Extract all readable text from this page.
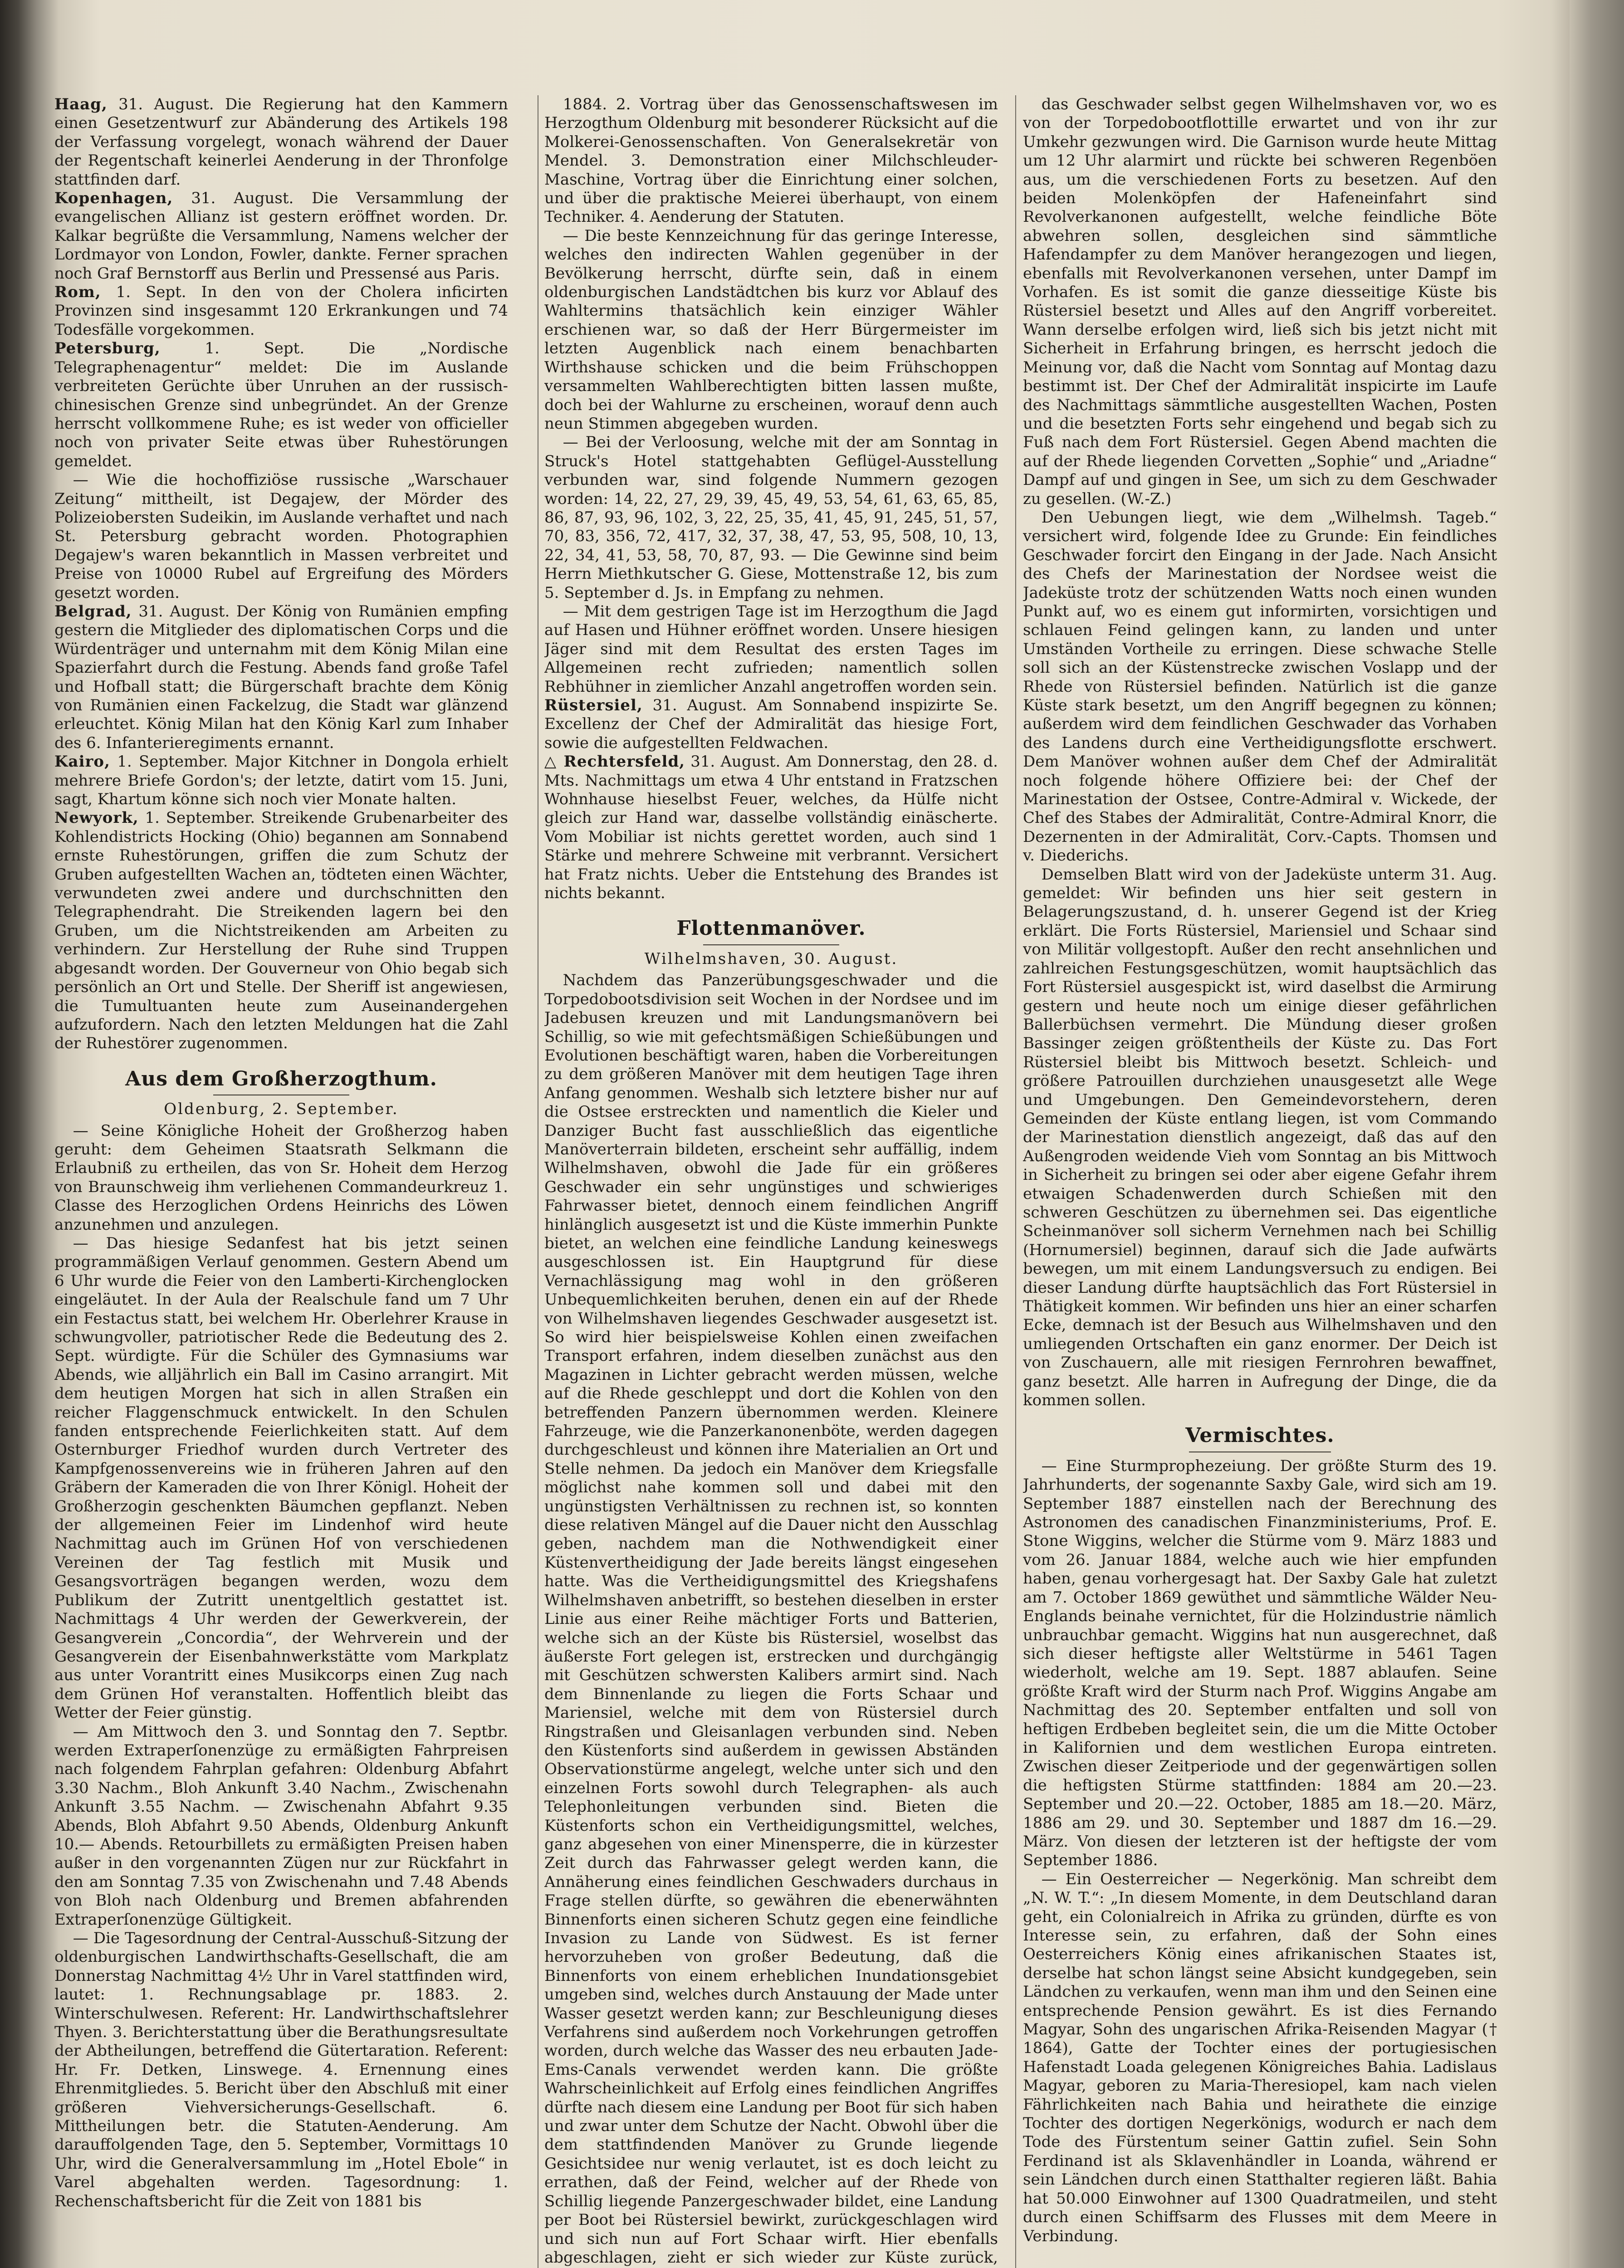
Haag, 31. August. Die Regierung hat den Kammern einen Gesetzentwurf zur Abänderung des Artikels 198 der Verfassung vorgelegt, wonach während der Dauer der Regentschaft keinerlei Aenderung in der Thronfolge stattfinden darf.

Kopenhagen, 31. August. Die Versammlung der evangelischen Allianz ist gestern eröffnet worden. Dr. Kalkar begrüßte die Versammlung, Namens welcher der Lordmayor von London, Fowler, dankte. Ferner sprachen noch Graf Bernstorff aus Berlin und Pressensé aus Paris.

Rom, 1. Sept. In den von der Cholera inficirten Provinzen sind insgesammt 120 Erkrankungen und 74 Todesfälle vorgekommen.

Petersburg,	1. Sept. Die „Nordische Telegraphenagentur“ meldet: Die im Auslande verbreiteten Gerüchte über Unruhen an der russisch-chinesischen Grenze sind unbegründet. An der Grenze herrscht vollkommene Ruhe; es ist weder von officieller noch von privater Seite etwas über Ruhestörungen gemeldet.

— Wie die hochoffiziöse russische „Warschauer Zeitung“ mittheilt, ist Degajew, der Mörder des Polizeiobersten Sudeikin, im Auslande verhaftet und nach St. Petersburg gebracht worden. Photographien Degajew's waren bekanntlich in Massen verbreitet und Preise von 10000 Rubel auf Ergreifung des Mörders gesetzt worden.

Belgrad, 31. August. Der König von Rumänien empfing gestern die Mitglieder des diplomatischen Corps und die Würdenträger und unternahm mit dem König Milan eine Spazierfahrt durch die Festung. Abends fand große Tafel und Hofball statt; die Bürgerschaft brachte dem König von Rumänien einen Fackelzug, die Stadt war glänzend erleuchtet. König Milan hat den König Karl zum Inhaber des 6. Infanterieregiments ernannt.

Kairo, 1. September. Major Kitchner in Dongola erhielt mehrere Briefe Gordon's; der letzte, datirt vom 15. Juni, sagt, Khartum könne sich noch vier Monate halten.

Newyork, 1. September. Streikende Grubenarbeiter des Kohlendistricts Hocking (Ohio) begannen am Sonnabend ernste Ruhestörungen, griffen die zum Schutz der Gruben aufgestellten Wachen an, tödteten einen Wächter, verwundeten zwei andere und durchschnitten den Telegraphendraht. Die Streikenden lagern bei den Gruben, um die Nichtstreikenden am Arbeiten zu verhindern. Zur Herstellung der Ruhe sind Truppen abgesandt worden. Der Gouverneur von Ohio begab sich persönlich an Ort und Stelle. Der Sheriff ist angewiesen, die Tumultuanten heute zum Auseinandergehen aufzufordern. Nach den letzten Meldungen hat die Zahl der Ruhestörer zugenommen.

Aus dem Großherzogthum.
Oldenburg, 2. September.

— Seine Königliche Hoheit der Großherzog haben geruht: dem Geheimen Staatsrath Selkmann die Erlaubniß zu ertheilen, das von Sr. Hoheit dem Herzog von Braunschweig ihm verliehenen Commandeurkreuz 1. Classe des Herzoglichen Ordens Heinrichs des Löwen anzunehmen und anzulegen.

— Das hiesige Sedanfest hat bis jetzt seinen programmäßigen Verlauf genommen. Gestern Abend um 6 Uhr wurde die Feier von den Lamberti-Kirchenglocken eingeläutet. In der Aula der Realschule fand um 7 Uhr ein Festactus statt, bei welchem Hr. Oberlehrer Krause in schwungvoller, patriotischer Rede die Bedeutung des 2. Sept. würdigte. Für die Schüler des Gymnasiums war Abends, wie alljährlich ein Ball im Casino arrangirt. Mit dem heutigen Morgen hat sich in allen Straßen ein reicher Flaggenschmuck entwickelt. In den Schulen fanden entsprechende Feierlichkeiten statt. Auf dem Osternburger Friedhof wurden durch Vertreter des Kampfgenossenvereins wie in früheren Jahren auf den Gräbern der Kameraden die von Ihrer Königl. Hoheit der Großherzogin geschenkten Bäumchen gepflanzt. Neben der allgemeinen Feier im Lindenhof wird heute Nachmittag auch im Grünen Hof von verschiedenen Vereinen der Tag festlich mit Musik und Gesangsvorträgen begangen werden, wozu dem Publikum der Zutritt unentgeltlich gestattet ist. Nachmittags 4 Uhr werden der Gewerkverein, der Gesangverein „Concordia“, der Wehrverein und der Gesangverein der Eisenbahnwerkstätte vom Markplatz aus unter Vorantritt eines Musikcorps einen Zug nach dem Grünen Hof veranstalten. Hoffentlich bleibt das Wetter der Feier günstig.

— Am Mittwoch den 3. und Sonntag den 7. Septbr. werden Extraperſonenzüge zu ermäßigten Fahrpreisen nach folgendem Fahrplan gefahren: Oldenburg Abfahrt 3.30 Nachm., Bloh Ankunft 3.40 Nachm., Zwischenahn Ankunft 3.55 Nachm. — Zwischenahn Abfahrt 9.35 Abends, Bloh Abfahrt 9.50 Abends, Oldenburg Ankunft 10.— Abends. Retourbillets zu ermäßigten Preisen haben außer in den vorgenannten Zügen nur zur Rückfahrt in den am Sonntag 7.35 von Zwischenahn und 7.48 Abends von Bloh nach Oldenburg und Bremen abfahrenden Extraperſonenzüge Gültigkeit.

— Die Tagesordnung der Central-Ausschuß-Sitzung der oldenburgischen Landwirthschafts-Gesellschaft, die am Donnerstag Nachmittag 4½ Uhr in Varel stattfinden wird, lautet: 1. Rechnungsablage pr. 1883. 2. Winterschulwesen. Referent: Hr. Landwirthschaftslehrer Thyen. 3. Berichterstattung über die Berathungsresultate der Abtheilungen, betreffend die Gütertaration. Referent: Hr. Fr. Detken, Linswege. 4. Ernennung eines Ehrenmitgliedes. 5. Bericht über den Abschluß mit einer größeren Viehversicherungs-Gesellschaft. 6. Mittheilungen betr. die Statuten-Aenderung. Am darauffolgenden Tage, den 5. September, Vormittags 10 Uhr, wird die Generalversammlung im „Hotel Ebole“ in Varel abgehalten werden. Tagesordnung: 1. Rechenschaftsbericht für die Zeit von 1881 bis

1884. 2. Vortrag über das Genossenschaftswesen im Herzogthum Oldenburg mit besonderer Rücksicht auf die Molkerei-Genossenschaften. Von Generalsekretär von Mendel. 3. Demonstration einer Milchschleuder-Maschine, Vortrag über die Einrichtung einer solchen, und über die praktische Meierei überhaupt, von einem Techniker. 4. Aenderung der Statuten.

— Die beste Kennzeichnung für das geringe Interesse, welches den indirecten Wahlen gegenüber in der Bevölkerung herrscht, dürfte sein, daß in einem oldenburgischen Landstädtchen bis kurz vor Ablauf des Wahltermins thatsächlich kein einziger Wähler erschienen war, so daß der Herr Bürgermeister im letzten Augenblick nach einem benachbarten Wirthshause schicken und die beim Frühschoppen versammelten Wahlberechtigten bitten lassen mußte, doch bei der Wahlurne zu erscheinen, worauf denn auch neun Stimmen abgegeben wurden.

— Bei der Verloosung, welche mit der am Sonntag in Struck's Hotel stattgehabten Geflügel-Ausstellung verbunden war, sind folgende Nummern gezogen worden: 14, 22, 27, 29, 39, 45, 49, 53, 54, 61, 63, 65, 85, 86, 87, 93, 96, 102, 3, 22, 25, 35, 41, 45, 91, 245, 51, 57, 70, 83, 356, 72, 417, 32, 37, 38, 47, 53, 95, 508, 10, 13, 22, 34, 41, 53, 58, 70, 87, 93. — Die Gewinne sind beim Herrn Miethkutscher G. Giese, Mottenstraße 12, bis zum 5. September d. Js. in Empfang zu nehmen.

— Mit dem gestrigen Tage ist im Herzogthum die Jagd auf Hasen und Hühner eröffnet worden. Unsere hiesigen Jäger sind mit dem Resultat des ersten Tages im Allgemeinen recht zufrieden; namentlich sollen Rebhühner in ziemlicher Anzahl angetroffen worden sein.

Rüstersiel, 31. August. Am Sonnabend inspizirte Se. Excellenz der Chef der Admiralität das hiesige Fort, sowie die aufgestellten Feldwachen.

△ Rechtersfeld, 31. August. Am Donnerstag, den 28. d. Mts. Nachmittags um etwa 4 Uhr entstand in Fratzschen Wohnhause hieselbst Feuer, welches, da Hülfe nicht gleich zur Hand war, dasselbe vollständig einäscherte. Vom Mobiliar ist nichts gerettet worden, auch sind 1 Stärke und mehrere Schweine mit verbrannt. Versichert hat Fratz nichts. Ueber die Entstehung des Brandes ist nichts bekannt.

Flottenmanöver.
Wilhelmshaven, 30. August.

Nachdem das Panzerübungsgeschwader und die Torpedobootsdivision seit Wochen in der Nordsee und im Jadebusen kreuzen und mit Landungsmanövern bei Schillig, so wie mit gefechtsmäßigen Schießübungen und Evolutionen beschäftigt waren, haben die Vorbereitungen zu dem größeren Manöver mit dem heutigen Tage ihren Anfang genommen. Weshalb sich letztere bisher nur auf die Ostsee erstreckten und namentlich die Kieler und Danziger Bucht fast ausschließlich das eigentliche Manöverterrain bildeten, erscheint sehr auffällig, indem Wilhelmshaven, obwohl die Jade für ein größeres Geschwader ein sehr ungünstiges und schwieriges Fahrwasser bietet, dennoch einem feindlichen Angriff hinlänglich ausgesetzt ist und die Küste immerhin Punkte bietet, an welchen eine feindliche Landung keineswegs ausgeschlossen ist. Ein Hauptgrund für diese Vernachlässigung mag wohl in den größeren Unbequemlichkeiten beruhen, denen ein auf der Rhede von Wilhelmshaven liegendes Geschwader ausgesetzt ist. So wird hier beispielsweise Kohlen einen zweifachen Transport erfahren, indem dieselben zunächst aus den Magazinen in Lichter gebracht werden müssen, welche auf die Rhede geschleppt und dort die Kohlen von den betreffenden Panzern übernommen werden. Kleinere Fahrzeuge, wie die Panzerkanonenböte, werden dagegen durchgeschleust und können ihre Materialien an Ort und Stelle nehmen. Da jedoch ein Manöver dem Kriegsfalle möglichst nahe kommen soll und dabei mit den ungünstigsten Verhältnissen zu rechnen ist, so konnten diese relativen Mängel auf die Dauer nicht den Ausschlag geben, nachdem man die Nothwendigkeit einer Küstenvertheidigung der Jade bereits längst eingesehen hatte. Was die Vertheidigungsmittel des Kriegshafens Wilhelmshaven anbetrifft, so bestehen dieselben in erster Linie aus einer Reihe mächtiger Forts und Batterien, welche sich an der Küste bis Rüstersiel, woselbst das äußerste Fort gelegen ist, erstrecken und durchgängig mit Geschützen schwersten Kalibers armirt sind. Nach dem Binnenlande zu liegen die Forts Schaar und Mariensiel, welche mit dem von Rüstersiel durch Ringstraßen und Gleisanlagen verbunden sind. Neben den Küstenforts sind außerdem in gewissen Abständen Observationstürme angelegt, welche unter sich und den einzelnen Forts sowohl durch Telegraphen- als auch Telephonleitungen verbunden sind. Bieten die Küstenforts schon ein Vertheidigungsmittel, welches, ganz abgesehen von einer Minensperre, die in kürzester Zeit durch das Fahrwasser gelegt werden kann, die Annäherung eines feindlichen Geschwaders durchaus in Frage stellen dürfte, so gewähren die ebenerwähnten Binnenforts einen sicheren Schutz gegen eine feindliche Invasion zu Lande von Südwest. Es ist ferner hervorzuheben von großer Bedeutung, daß die Binnenforts von einem erheblichen Inundationsgebiet umgeben sind, welches durch Anstauung der Made unter Wasser gesetzt werden kann; zur Beschleunigung dieses Verfahrens sind außerdem noch Vorkehrungen getroffen worden, durch welche das Wasser des neu erbauten Jade-Ems-Canals verwendet werden kann. Die größte Wahrscheinlichkeit auf Erfolg eines feindlichen Angriffes dürfte nach diesem eine Landung per Boot für sich haben und zwar unter dem Schutze der Nacht. Obwohl über die dem stattfindenden Manöver zu Grunde liegende Gesichtsidee nur wenig verlautet, ist es doch leicht zu errathen, daß der Feind, welcher auf der Rhede von Schillig liegende Panzergeschwader bildet, eine Landung per Boot bei Rüstersiel bewirkt, zurückgeschlagen wird und sich nun auf Fort Schaar wirft. Hier ebenfalls abgeschlagen, zieht er sich wieder zur Küste zurück,

das Geschwader selbst gegen Wilhelmshaven vor, wo es von der Torpedobootflottille erwartet und von ihr zur Umkehr gezwungen wird. Die Garnison wurde heute Mittag um 12 Uhr alarmirt und rückte bei schweren Regenböen aus, um die verschiedenen Forts zu besetzen. Auf den beiden Molenköpfen der Hafeneinfahrt sind Revolverkanonen aufgestellt, welche feindliche Böte abwehren sollen, desgleichen sind sämmtliche Hafendampfer zu dem Manöver herangezogen und liegen, ebenfalls mit Revolverkanonen versehen, unter Dampf im Vorhafen. Es ist somit die ganze diesseitige Küste bis Rüstersiel besetzt und Alles auf den Angriff vorbereitet. Wann derselbe erfolgen wird, ließ sich bis jetzt nicht mit Sicherheit in Erfahrung bringen, es herrscht jedoch die Meinung vor, daß die Nacht vom Sonntag auf Montag dazu bestimmt ist. Der Chef der Admiralität inspicirte im Laufe des Nachmittags sämmtliche ausgestellten Wachen, Posten und die besetzten Forts sehr eingehend und begab sich zu Fuß nach dem Fort Rüstersiel. Gegen Abend machten die auf der Rhede liegenden Corvetten „Sophie“ und „Ariadne“ Dampf auf und gingen in See, um sich zu dem Geschwader zu gesellen. (W.-Z.)

Den Uebungen liegt, wie dem „Wilhelmsh. Tageb.“ versichert wird, folgende Idee zu Grunde: Ein feindliches Geschwader forcirt den Eingang in der Jade. Nach Ansicht des Chefs der Marinestation der Nordsee weist die Jadeküste trotz der schützenden Watts noch einen wunden Punkt auf, wo es einem gut informirten, vorsichtigen und schlauen Feind gelingen kann, zu landen und unter Umständen Vortheile zu erringen. Diese schwache Stelle soll sich an der Küstenstrecke zwischen Voslapp und der Rhede von Rüstersiel befinden. Natürlich ist die ganze Küste stark besetzt, um den Angriff begegnen zu können; außerdem wird dem feindlichen Geschwader das Vorhaben des Landens durch eine Vertheidigungsflotte erschwert. Dem Manöver wohnen außer dem Chef der Admiralität noch folgende höhere Offiziere bei: der Chef der Marinestation der Ostsee, Contre-Admiral v. Wickede, der Chef des Stabes der Admiralität, Contre-Admiral Knorr, die Dezernenten in der Admiralität, Corv.-Capts. Thomsen und v. Diederichs.

Demselben Blatt wird von der Jadeküste unterm 31. Aug. gemeldet: Wir befinden uns hier seit gestern in Belagerungszustand, d. h. unserer Gegend ist der Krieg erklärt. Die Forts Rüstersiel, Mariensiel und Schaar sind von Militär vollgestopft. Außer den recht ansehnlichen und zahlreichen Festungsgeschützen, womit hauptsächlich das Fort Rüstersiel ausgespickt ist, wird daselbst die Armirung gestern und heute noch um einige dieser gefährlichen Ballerbüchsen vermehrt. Die Mündung dieser großen Bassinger zeigen größtentheils der Küste zu. Das Fort Rüstersiel bleibt bis Mittwoch besetzt. Schleich- und größere Patrouillen durchziehen unausgesetzt alle Wege und Umgebungen. Den Gemeindevorstehern, deren Gemeinden der Küste entlang liegen, ist vom Commando der Marinestation dienstlich angezeigt, daß das auf den Außengroden weidende Vieh vom Sonntag an bis Mittwoch in Sicherheit zu bringen sei oder aber eigene Gefahr ihrem etwaigen Schadenwerden durch Schießen mit den schweren Geschützen zu übernehmen sei. Das eigentliche Scheinmanöver soll sicherm Vernehmen nach bei Schillig (Hornumersiel) beginnen, darauf sich die Jade aufwärts bewegen, um mit einem Landungsversuch zu endigen. Bei dieser Landung dürfte hauptsächlich das Fort Rüstersiel in Thätigkeit kommen. Wir befinden uns hier an einer scharfen Ecke, demnach ist der Besuch aus Wilhelmshaven und den umliegenden Ortschaften ein ganz enormer. Der Deich ist von Zuschauern, alle mit riesigen Fernrohren bewaffnet, ganz besetzt. Alle harren in Aufregung der Dinge, die da kommen sollen.

Vermischtes.

— Eine Sturmprophezeiung. Der größte Sturm des 19. Jahrhunderts, der sogenannte Saxby Gale, wird sich am 19. September 1887 einstellen nach der Berechnung des Astronomen des canadischen Finanzministeriums, Prof. E. Stone Wiggins, welcher die Stürme vom 9. März 1883 und vom 26. Januar 1884, welche auch wie hier empfunden haben, genau vorhergesagt hat. Der Saxby Gale hat zuletzt am 7. October 1869 gewüthet und sämmtliche Wälder Neu-Englands beinahe vernichtet, für die Holzindustrie nämlich unbrauchbar gemacht. Wiggins hat nun ausgerechnet, daß sich dieser heftigste aller Weltstürme in 5461 Tagen wiederholt, welche am 19. Sept. 1887 ablaufen. Seine größte Kraft wird der Sturm nach Prof. Wiggins Angabe am Nachmittag des 20. September entfalten und soll von heftigen Erdbeben begleitet sein, die um die Mitte October in Kalifornien und dem westlichen Europa eintreten. Zwischen dieser Zeitperiode und der gegenwärtigen sollen die heftigsten Stürme stattfinden: 1884 am 20.—23. September und 20.—22. October, 1885 am 18.—20. März, 1886 am 29. und 30. September und 1887 dm 16.—29. März. Von diesen der letzteren ist der heftigste der vom September 1886.

— Ein Oesterreicher — Negerkönig. Man schreibt dem „N. W. T.“: „In diesem Momente, in dem Deutschland daran geht, ein Colonialreich in Afrika zu gründen, dürfte es von Interesse sein, zu erfahren, daß der Sohn eines Oesterreichers König eines afrikanischen Staates ist, derselbe hat schon längst seine Absicht kundgegeben, sein Ländchen zu verkaufen, wenn man ihm und den Seinen eine entsprechende Pension gewährt. Es ist dies Fernando Magyar, Sohn des ungarischen Afrika-Reisenden Magyar († 1864), Gatte der Tochter eines der portugiesischen Hafenstadt Loada gelegenen Königreiches Bahia. Ladislaus Magyar, geboren zu Maria-Theresiopel, kam nach vielen Fährlichkeiten nach Bahia und heirathete die einzige Tochter des dortigen Negerkönigs, wodurch er nach dem Tode des Fürstentum seiner Gattin zufiel. Sein Sohn Ferdinand ist als Sklavenhändler in Loanda, während er sein Ländchen durch einen Statthalter regieren läßt. Bahia hat 50.000 Einwohner auf 1300 Quadratmeilen, und steht durch einen Schiffsarm des Flusses mit dem Meere in Verbindung.
